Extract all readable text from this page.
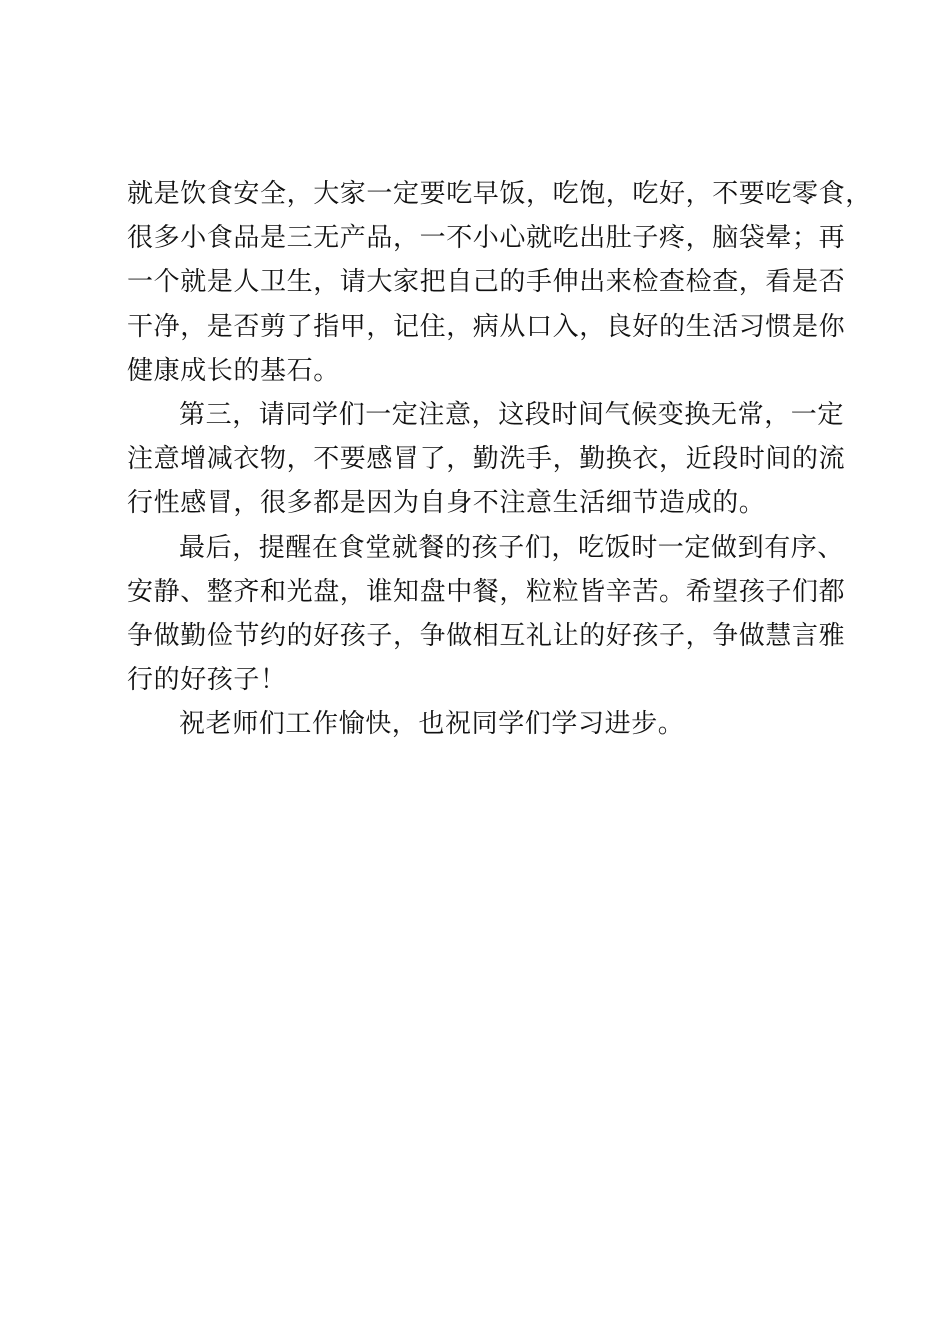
就是饮食安全，大家一定要吃早饭，吃饱，吃好，不要吃零食，
很多小食品是三无产品，一不小心就吃出肚子疼，脑袋晕；再
一个就是人卫生，请大家把自己的手伸出来检查检查，看是否
干净，是否剪了指甲，记住，病从口入，良好的生活习惯是你
健康成长的基石。
第三，请同学们一定注意，这段时间气候变换无常，一定
注意增减衣物，不要感冒了，勤洗手，勤换衣，近段时间的流
行性感冒，很多都是因为自身不注意生活细节造成的。
最后，提醒在食堂就餐的孩子们，吃饭时一定做到有序、
安静、整齐和光盘，谁知盘中餐，粒粒皆辛苦。希望孩子们都
争做勤俭节约的好孩子，争做相互礼让的好孩子，争做慧言雅
行的好孩子！
祝老师们工作愉快，也祝同学们学习进步。
